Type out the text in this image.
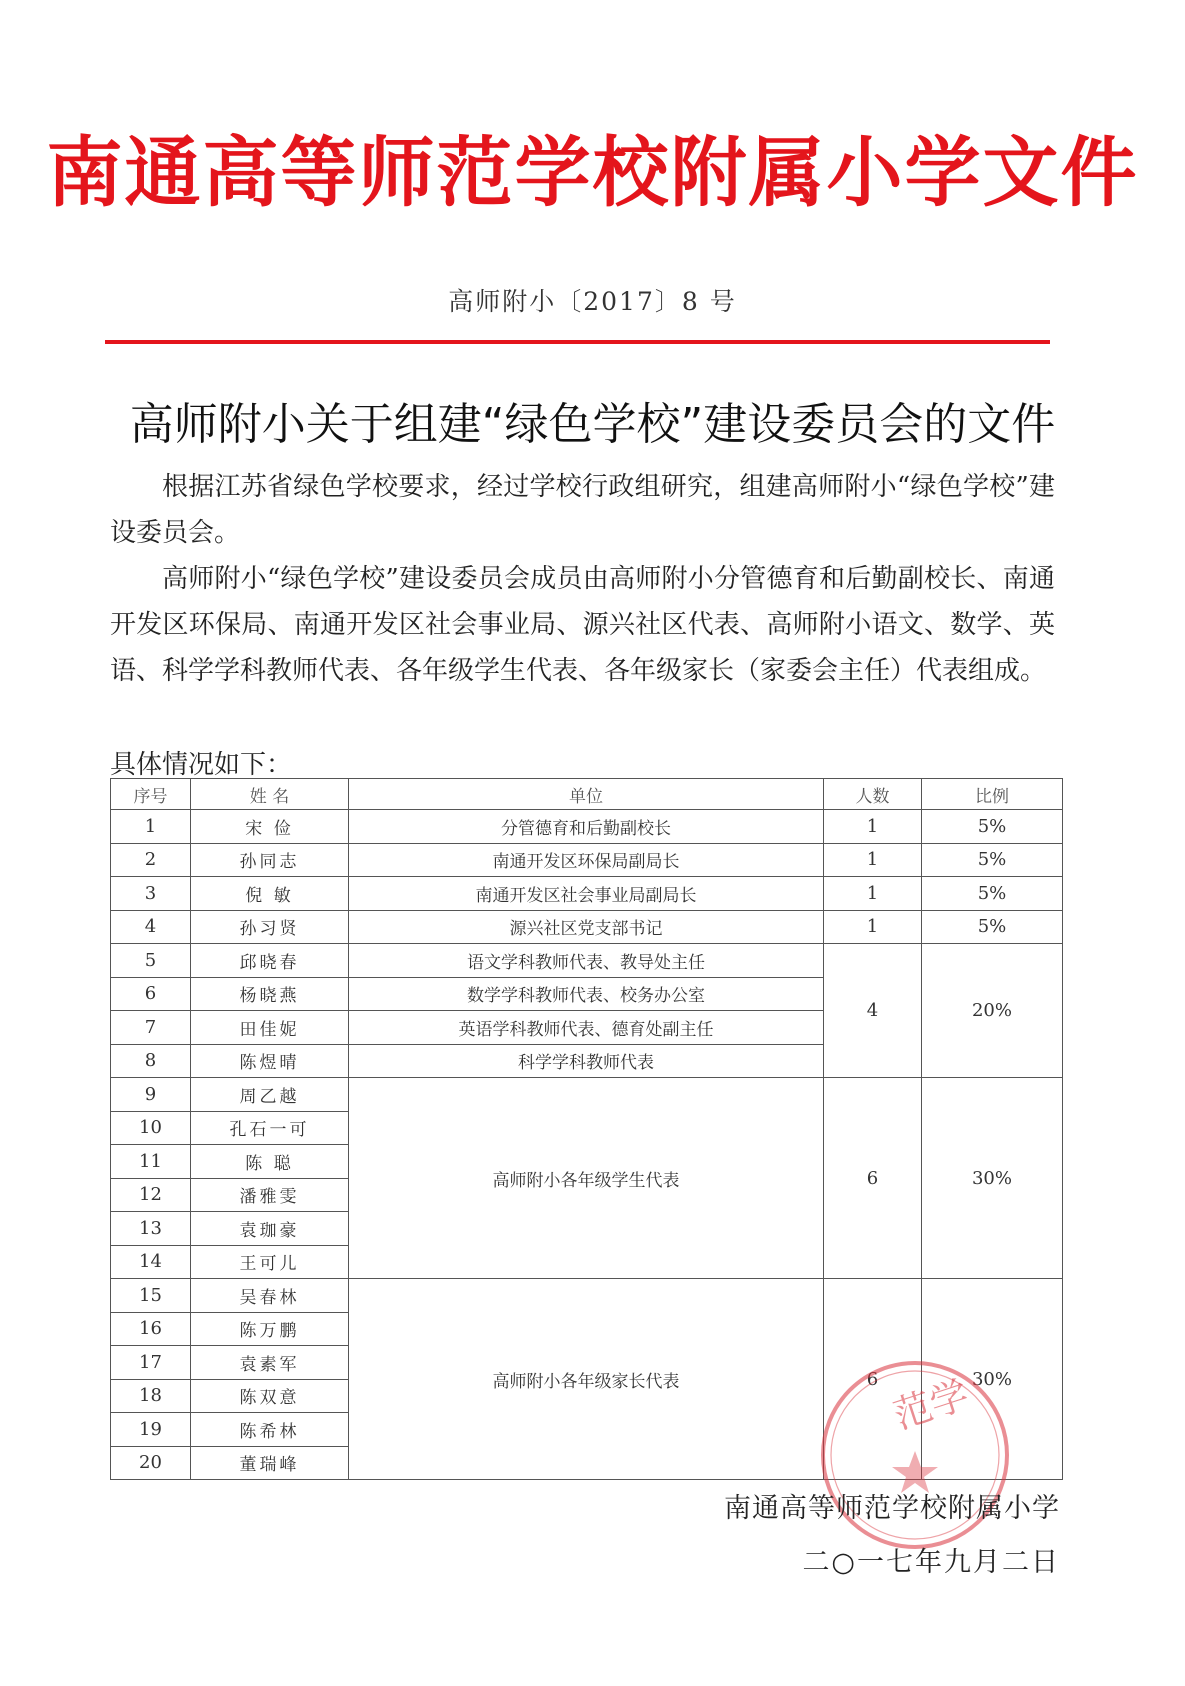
南通高等师范学校附属小学文件
高师附小〔2017〕8 号
高师附小关于组建“绿色学校”建设委员会的文件
根据江苏省绿色学校要求，经过学校行政组研究，组建高师附小“绿色学校”建设委员会。
高师附小“绿色学校”建设委员会成员由高师附小分管德育和后勤副校长、南通开发区环保局、南通开发区社会事业局、源兴社区代表、高师附小语文、数学、英语、科学学科教师代表、各年级学生代表、各年级家长（家委会主任）代表组成。
具体情况如下：
序号	姓 名	单位	人数	比例
1	宋 俭	分管德育和后勤副校长	1	5%
2	孙同志	南通开发区环保局副局长	1	5%
3	倪 敏	南通开发区社会事业局副局长	1	5%
4	孙习贤	源兴社区党支部书记	1	5%
5	邱晓春	语文学科教师代表、教导处主任	4	20%
6	杨晓燕	数学学科教师代表、校务办公室		
7	田佳妮	英语学科教师代表、德育处副主任		
8	陈煜晴	科学学科教师代表		
9	周乙越	高师附小各年级学生代表	6	30%
10	孔石一可			
11	陈 聪			
12	潘雅雯			
13	袁珈豪			
14	王可儿			
15	吴春林	高师附小各年级家长代表	6	30%
16	陈万鹏			
17	袁素军			
18	陈双意			
19	陈希林			
20	董瑞峰			
范学
南通高等师范学校附属小学
二○一七年九月二日
